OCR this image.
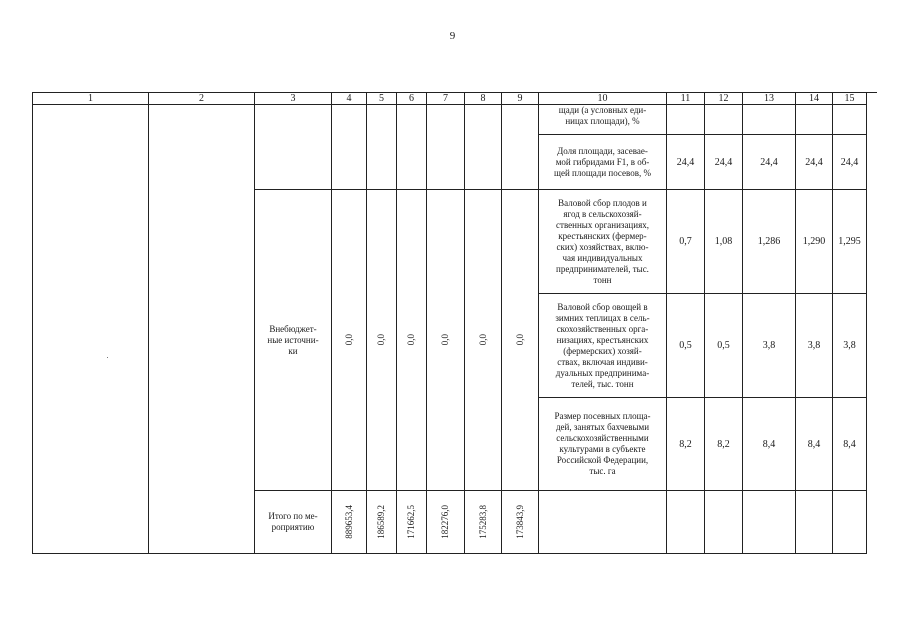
9
1	2	3	4	5	6	7	8	9	10	11	12	13	14	15
щади (а условных еди-
ницах площади), %
Доля площади, засевае-
мой гибридами F1, в об-
щей площади посевов, %
24,4	24,4	24,4	24,4	24,4
Внебюджет-
ные источни-
ки
0,0	0,0 0,0	0,0	0,0	0,0
Валовой сбор плодов и
ягод в сельскохозяй-
ственных организациях,
крестьянских (фермер-
ских) хозяйствах, вклю-
чая индивидуальных
предпринимателей, тыс.
тонн
0,7	1,08	1,286	1,290	1,295
Валовой сбор овощей в
зимних теплицах в сель-
скохозяйственных орга-
низациях, крестьянских
(фермерских) хозяй-
ствах, включая индиви-
дуальных предпринима-
телей, тыс. тонн
0,5	0,5	3,8	3,8	3,8
Размер посевных площа-
дей, занятых бахчевыми
сельскохозяйственными
культурами в субъекте
Российской Федерации,
тыс. га
8,2	8,2	8,4	8,4	8,4
Итого по ме-
роприятию	889653,4	186589,2 171662,5	182276,0	175283,8	173843,9
